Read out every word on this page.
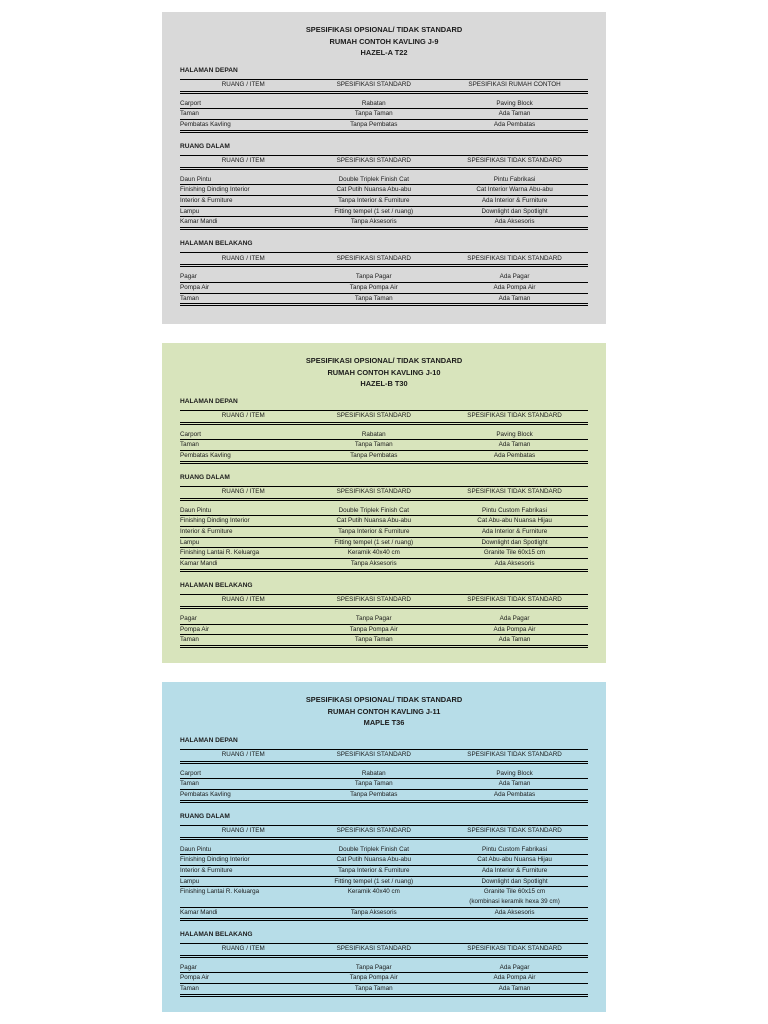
SPESIFIKASI OPSIONAL/ TIDAK STANDARD
RUMAH CONTOH KAVLING J-9
HAZEL-A T22
HALAMAN DEPAN
RUANG / ITEM	SPESIFIKASI STANDARD	SPESIFIKASI RUMAH CONTOH

Carport	Rabatan	Paving Block
Taman	Tanpa Taman	Ada Taman
Pembatas Kavling	Tanpa Pembatas	Ada Pembatas
RUANG DALAM
RUANG / ITEM	SPESIFIKASI STANDARD	SPESIFIKASI TIDAK STANDARD

Daun Pintu	Double Triplek Finish Cat	Pintu Fabrikasi
Finishing Dinding Interior	Cat Putih Nuansa Abu-abu	Cat Interior Warna Abu-abu
Interior & Furniture	Tanpa Interior & Furniture	Ada Interior & Furniture
Lampu	Fitting tempel (1 set / ruang)	Downlight dan Spotlight
Kamar Mandi	Tanpa Aksesoris	Ada Aksesoris
HALAMAN BELAKANG
RUANG / ITEM	SPESIFIKASI STANDARD	SPESIFIKASI TIDAK STANDARD

Pagar	Tanpa Pagar	Ada Pagar
Pompa Air	Tanpa Pompa Air	Ada Pompa Air
Taman	Tanpa Taman	Ada Taman
SPESIFIKASI OPSIONAL/ TIDAK STANDARD
RUMAH CONTOH KAVLING J-10
HAZEL-B T30
HALAMAN DEPAN
RUANG / ITEM	SPESIFIKASI STANDARD	SPESIFIKASI TIDAK STANDARD

Carport	Rabatan	Paving Block
Taman	Tanpa Taman	Ada Taman
Pembatas Kavling	Tanpa Pembatas	Ada Pembatas
RUANG DALAM
RUANG / ITEM	SPESIFIKASI STANDARD	SPESIFIKASI TIDAK STANDARD

Daun Pintu	Double Triplek Finish Cat	Pintu Custom Fabrikasi
Finishing Dinding Interior	Cat Putih Nuansa Abu-abu	Cat Abu-abu Nuansa Hijau
Interior & Furniture	Tanpa Interior & Furniture	Ada Interior & Furniture
Lampu	Fitting tempel (1 set / ruang)	Downlight dan Spotlight
Finishing Lantai R. Keluarga	Keramik 40x40 cm	Granite Tile 60x15 cm
Kamar Mandi	Tanpa Aksesoris	Ada Aksesoris
HALAMAN BELAKANG
RUANG / ITEM	SPESIFIKASI STANDARD	SPESIFIKASI TIDAK STANDARD

Pagar	Tanpa Pagar	Ada Pagar
Pompa Air	Tanpa Pompa Air	Ada Pompa Air
Taman	Tanpa Taman	Ada Taman
SPESIFIKASI OPSIONAL/ TIDAK STANDARD
RUMAH CONTOH KAVLING J-11
MAPLE T36
HALAMAN DEPAN
RUANG / ITEM	SPESIFIKASI STANDARD	SPESIFIKASI TIDAK STANDARD

Carport	Rabatan	Paving Block
Taman	Tanpa Taman	Ada Taman
Pembatas Kavling	Tanpa Pembatas	Ada Pembatas
RUANG DALAM
RUANG / ITEM	SPESIFIKASI STANDARD	SPESIFIKASI TIDAK STANDARD

Daun Pintu	Double Triplek Finish Cat	Pintu Custom Fabrikasi
Finishing Dinding Interior	Cat Putih Nuansa Abu-abu	Cat Abu-abu Nuansa Hijau
Interior & Furniture	Tanpa Interior & Furniture	Ada Interior & Furniture
Lampu	Fitting tempel (1 set / ruang)	Downlight dan Spotlight
Finishing Lantai R. Keluarga	Keramik 40x40 cm	Granite Tile 60x15 cm
		(kombinasi keramik hexa 39 cm)
Kamar Mandi	Tanpa Aksesoris	Ada Aksesoris
HALAMAN BELAKANG
RUANG / ITEM	SPESIFIKASI STANDARD	SPESIFIKASI TIDAK STANDARD

Pagar	Tanpa Pagar	Ada Pagar
Pompa Air	Tanpa Pompa Air	Ada Pompa Air
Taman	Tanpa Taman	Ada Taman
